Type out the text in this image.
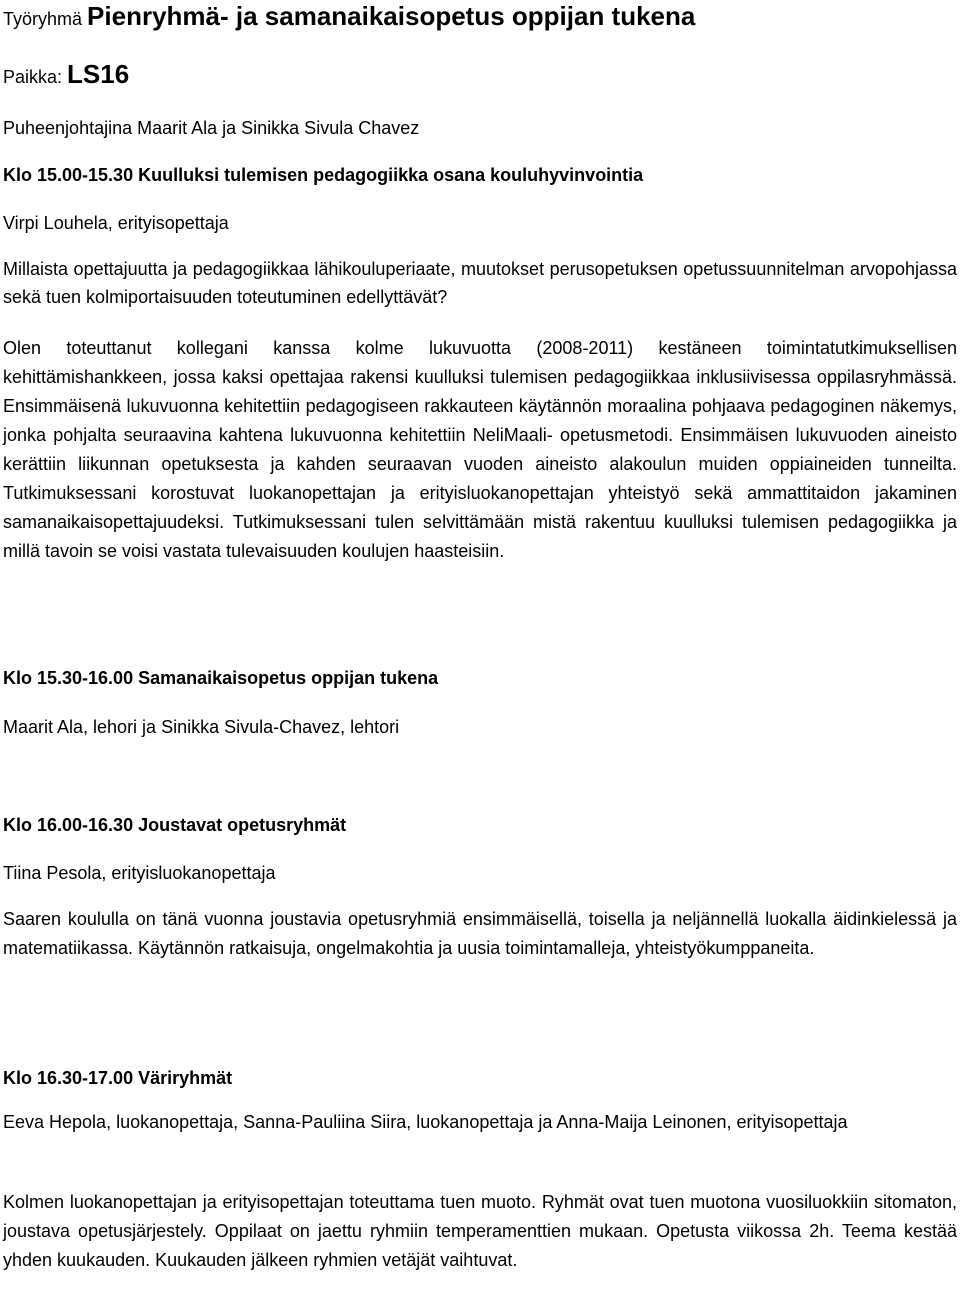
Työryhmä Pienryhmä- ja samanaikaisopetus oppijan tukena
Paikka: LS16
Puheenjohtajina Maarit Ala ja Sinikka Sivula Chavez
Klo 15.00-15.30 Kuulluksi tulemisen pedagogiikka osana kouluhyvinvointia
Virpi Louhela, erityisopettaja

Millaista opettajuutta ja pedagogiikkaa lähikouluperiaate, muutokset perusopetuksen opetussuunnitelman arvopohjassa sekä tuen kolmiportaisuuden toteutuminen edellyttävät?

Olen toteuttanut kollegani kanssa kolme lukuvuotta (2008-2011) kestäneen toimintatutkimuksellisen kehittämishankkeen, jossa kaksi opettajaa rakensi kuulluksi tulemisen pedagogiikkaa inklusiivisessa oppilasryhmässä. Ensimmäisenä lukuvuonna kehitettiin pedagogiseen rakkauteen käytännön moraalina pohjaava pedagoginen näkemys, jonka pohjalta seuraavina kahtena lukuvuonna kehitettiin NeliMaali- opetusmetodi. Ensimmäisen lukuvuoden aineisto kerättiin liikunnan opetuksesta ja kahden seuraavan vuoden aineisto alakoulun muiden oppiaineiden tunneilta. Tutkimuksessani korostuvat luokanopettajan ja erityisluokanopettajan yhteistyö sekä ammattitaidon jakaminen samanaikaisopettajuudeksi. Tutkimuksessani tulen selvittämään mistä rakentuu kuulluksi tulemisen pedagogiikka ja millä tavoin se voisi vastata tulevaisuuden koulujen haasteisiin.

Klo 15.30-16.00 Samanaikaisopetus oppijan tukena
Maarit Ala, lehori ja Sinikka Sivula-Chavez, lehtori
Klo 16.00-16.30 Joustavat opetusryhmät
Tiina Pesola, erityisluokanopettaja

Saaren koululla on tänä vuonna joustavia opetusryhmiä ensimmäisellä, toisella ja neljännellä luokalla äidinkielessä ja matematiikassa. Käytännön ratkaisuja, ongelmakohtia ja uusia toimintamalleja, yhteistyökumppaneita.

Klo 16.30-17.00 Väriryhmät

Eeva Hepola, luokanopettaja, Sanna-Pauliina Siira, luokanopettaja ja Anna-Maija Leinonen, erityisopettaja

Kolmen luokanopettajan ja erityisopettajan toteuttama tuen muoto. Ryhmät ovat tuen muotona vuosiluokkiin sitomaton, joustava opetusjärjestely. Oppilaat on jaettu ryhmiin temperamenttien mukaan. Opetusta viikossa 2h. Teema kestää yhden kuukauden. Kuukauden jälkeen ryhmien vetäjät vaihtuvat.
